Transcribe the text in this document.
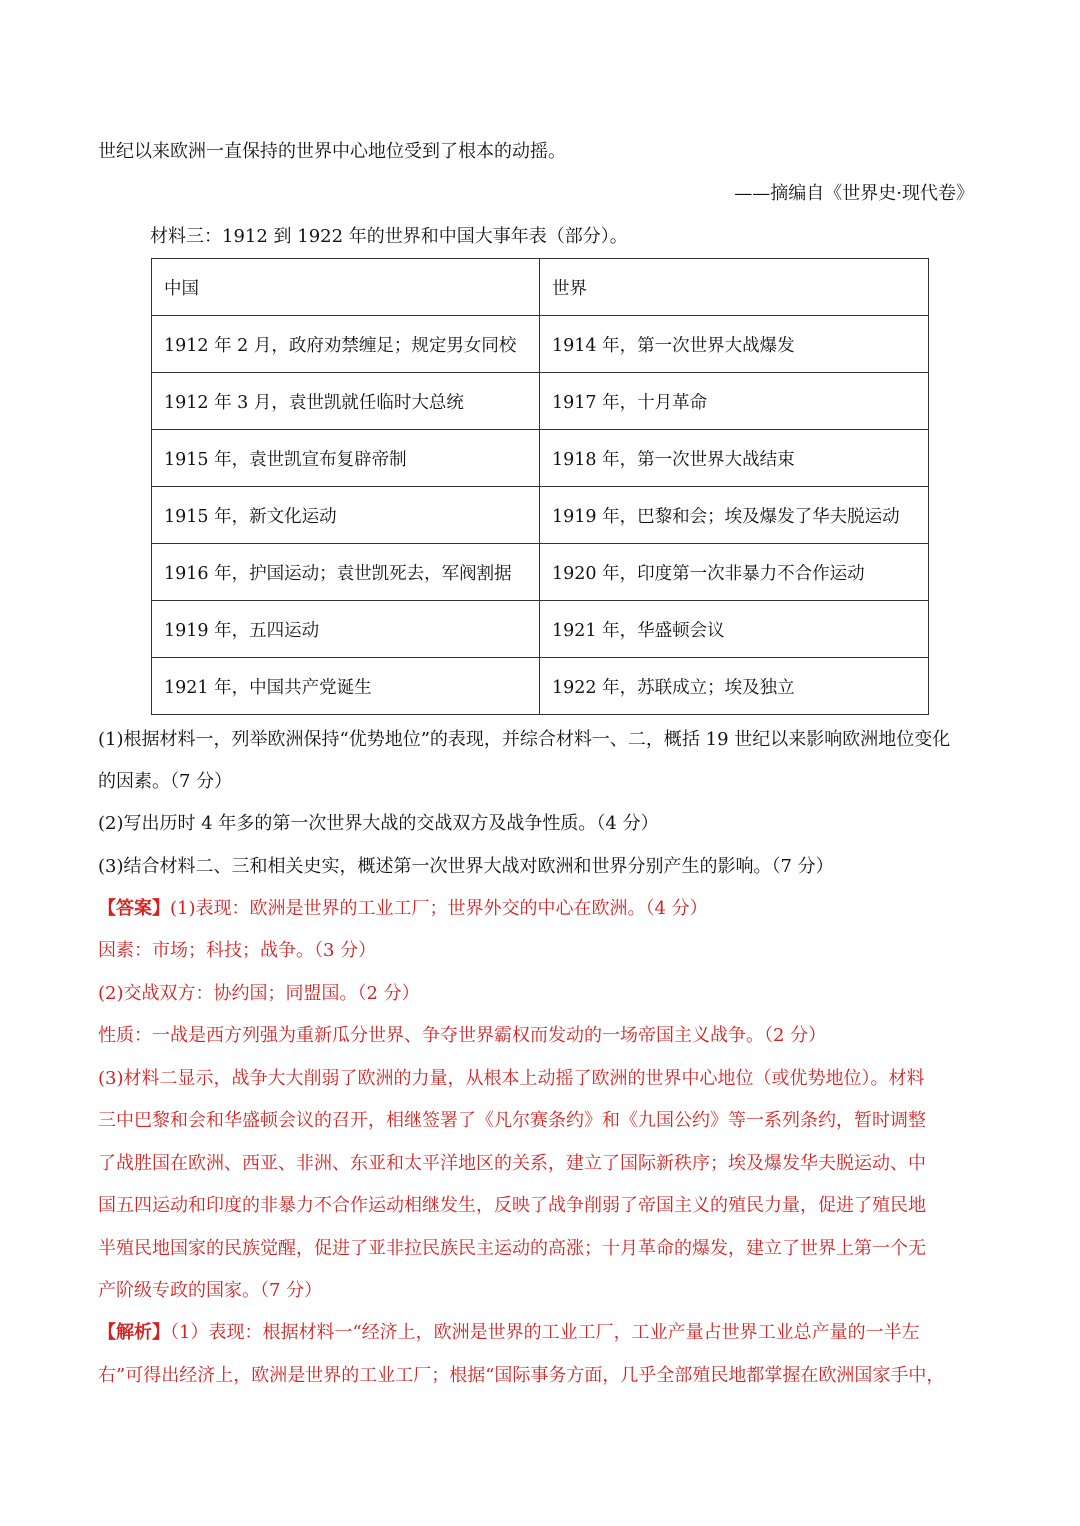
世纪以来欧洲一直保持的世界中心地位受到了根本的动摇。
——摘编自《世界史·现代卷》
材料三：1912 到 1922 年的世界和中国大事年表（部分）。
中国	世界
1912 年 2 月，政府劝禁缠足；规定男女同校	1914 年，第一次世界大战爆发
1912 年 3 月，袁世凯就任临时大总统	1917 年，十月革命
1915 年，袁世凯宣布复辟帝制	1918 年，第一次世界大战结束
1915 年，新文化运动	1919 年，巴黎和会；埃及爆发了华夫脱运动
1916 年，护国运动；袁世凯死去，军阀割据	1920 年，印度第一次非暴力不合作运动
1919 年，五四运动	1921 年，华盛顿会议
1921 年，中国共产党诞生	1922 年，苏联成立；埃及独立
(1)根据材料一，列举欧洲保持“优势地位”的表现，并综合材料一、二，概括 19 世纪以来影响欧洲地位变化
的因素。（7 分）
(2)写出历时 4 年多的第一次世界大战的交战双方及战争性质。（4 分）
(3)结合材料二、三和相关史实，概述第一次世界大战对欧洲和世界分别产生的影响。（7 分）
【答案】(1)表现：欧洲是世界的工业工厂；世界外交的中心在欧洲。（4 分）
因素：市场；科技；战争。（3 分）
(2)交战双方：协约国；同盟国。（2 分）
性质：一战是西方列强为重新瓜分世界、争夺世界霸权而发动的一场帝国主义战争。（2 分）
(3)材料二显示，战争大大削弱了欧洲的力量，从根本上动摇了欧洲的世界中心地位（或优势地位）。材料
三中巴黎和会和华盛顿会议的召开，相继签署了《凡尔赛条约》和《九国公约》等一系列条约，暂时调整
了战胜国在欧洲、西亚、非洲、东亚和太平洋地区的关系，建立了国际新秩序；埃及爆发华夫脱运动、中
国五四运动和印度的非暴力不合作运动相继发生，反映了战争削弱了帝国主义的殖民力量，促进了殖民地
半殖民地国家的民族觉醒，促进了亚非拉民族民主运动的高涨；十月革命的爆发，建立了世界上第一个无
产阶级专政的国家。（7 分）
【解析】（1）表现：根据材料一“经济上，欧洲是世界的工业工厂，工业产量占世界工业总产量的一半左
右”可得出经济上，欧洲是世界的工业工厂；根据“国际事务方面，几乎全部殖民地都掌握在欧洲国家手中，
